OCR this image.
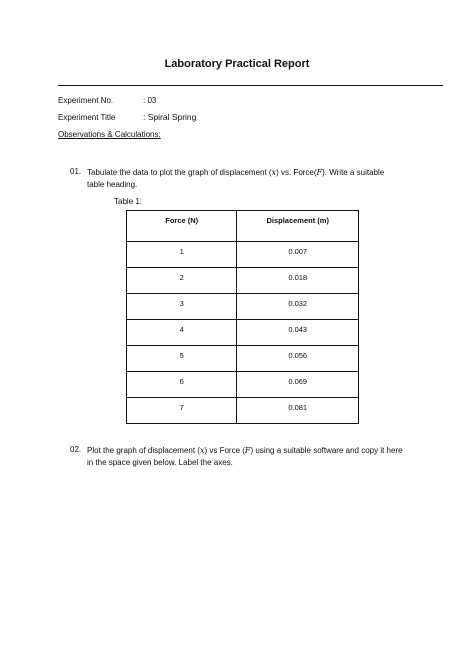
Laboratory Practical Report
Experiment No.	: 03
Experiment Title	: Spiral Spring
Observations & Calculations:
01. Tabulate the data to plot the graph of displacement (x) vs. Force(F). Write a suitable
table heading.
Table 1:
Force (N)	Displacement (m)
1	0.007
2	0.018
3	0.032
4	0.043
5	0.056
6	0.069
7	0.081
02. Plot the graph of displacement (x) vs Force (F) using a suitable software and copy it here
in the space given below. Label the axes.
